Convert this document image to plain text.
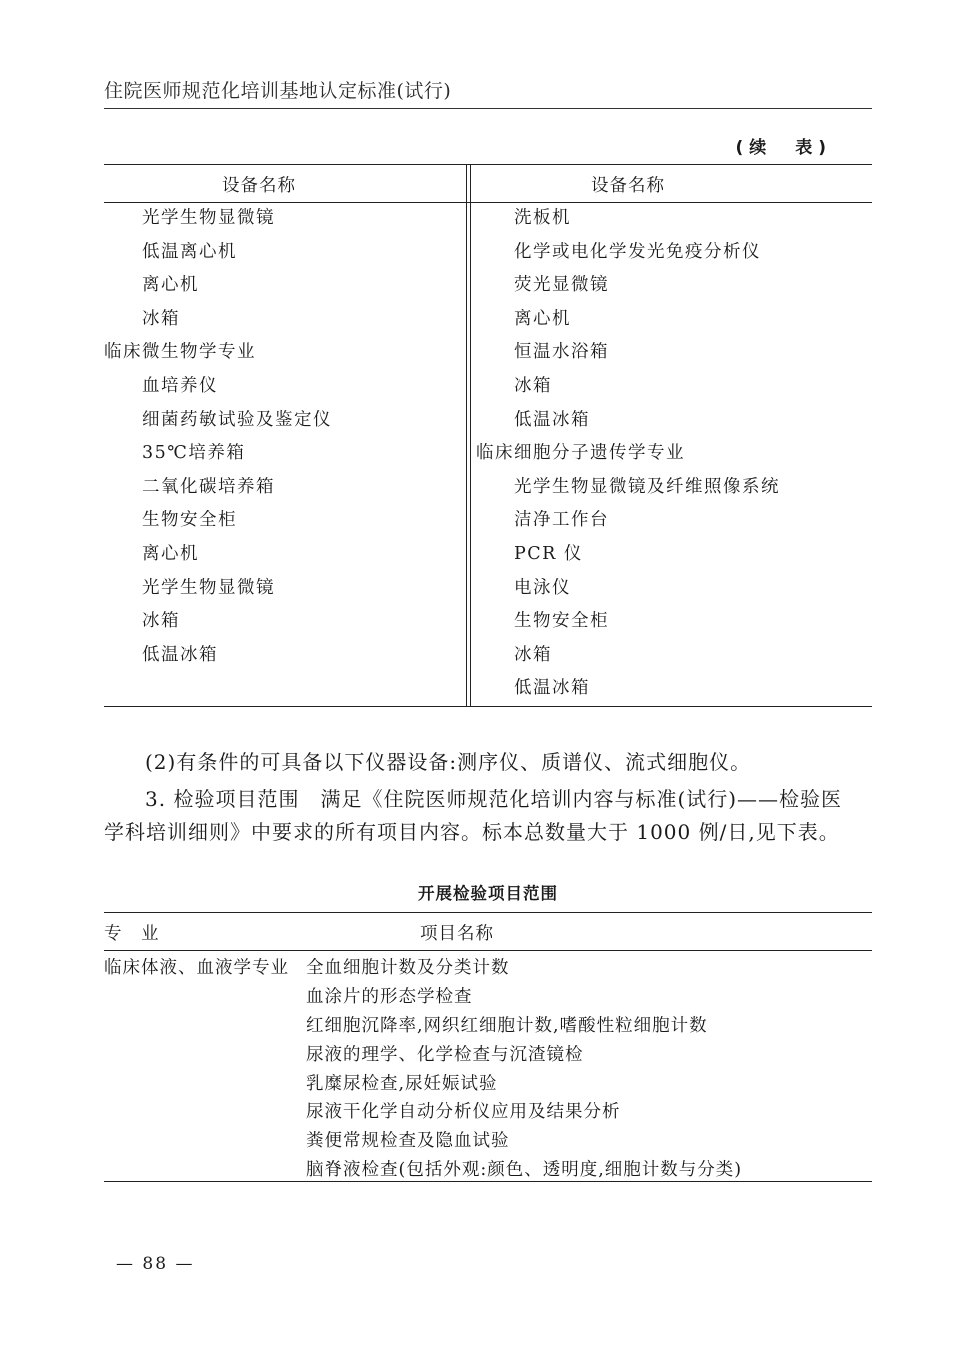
住院医师规范化培训基地认定标准(试行)
(续　表)
设备名称	设备名称
光学生物显微镜
低温离心机
离心机
冰箱
临床微生物学专业
血培养仪
细菌药敏试验及鉴定仪
35℃培养箱
二氧化碳培养箱
生物安全柜
离心机
光学生物显微镜
冰箱
低温冰箱
洗板机
化学或电化学发光免疫分析仪
荧光显微镜
离心机
恒温水浴箱
冰箱
低温冰箱
临床细胞分子遗传学专业
光学生物显微镜及纤维照像系统
洁净工作台
PCR 仪
电泳仪
生物安全柜
冰箱
低温冰箱
(2)有条件的可具备以下仪器设备:测序仪、质谱仪、流式细胞仪。
3. 检验项目范围　满足《住院医师规范化培训内容与标准(试行)——检验医
学科培训细则》中要求的所有项目内容。标本总数量大于 1000 例/日,见下表。
开展检验项目范围
专　业	项目名称
临床体液、血液学专业 全血细胞计数及分类计数
血涂片的形态学检查
红细胞沉降率,网织红细胞计数,嗜酸性粒细胞计数
尿液的理学、化学检查与沉渣镜检
乳糜尿检查,尿妊娠试验
尿液干化学自动分析仪应用及结果分析
粪便常规检查及隐血试验
脑脊液检查(包括外观:颜色、透明度,细胞计数与分类)
— 88 —
